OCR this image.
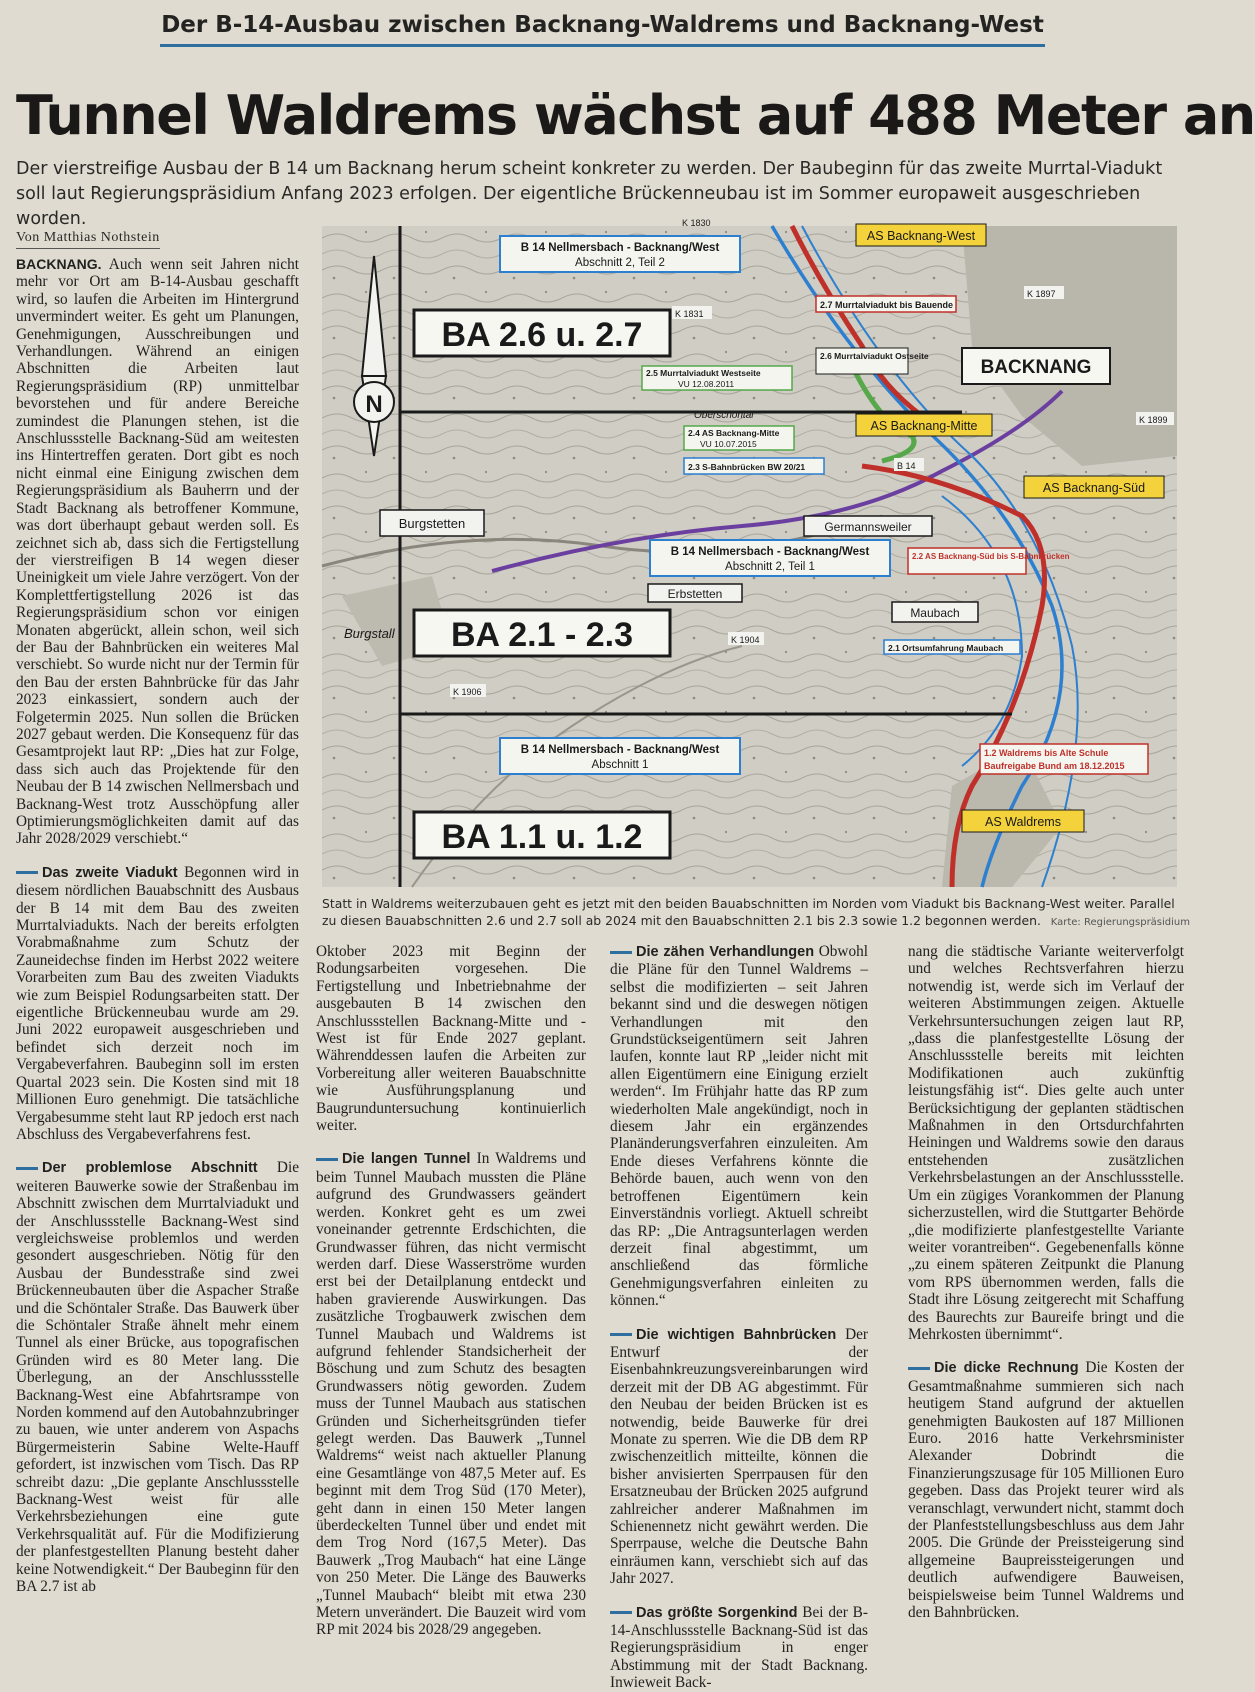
Der B-14-Ausbau zwischen Backnang-Waldrems und Backnang-West
Tunnel Waldrems wächst auf 488 Meter an
Der vierstreifige Ausbau der B 14 um Backnang herum scheint konkreter zu werden. Der Baubeginn für das zweite Murrtal-Viadukt soll laut Regierungspräsidium Anfang 2023 erfolgen. Der eigentliche Brückenneubau ist im Sommer europaweit ausgeschrieben worden.
Von Matthias Nothstein

BACKNANG. Auch wenn seit Jahren nicht mehr vor Ort am B-14-Ausbau geschafft wird, so laufen die Arbeiten im Hintergrund unvermindert weiter. Es geht um Planungen, Genehmigungen, Ausschreibungen und Verhandlungen. Während an einigen Abschnitten die Arbeiten laut Regierungspräsidium (RP) unmittelbar bevorstehen und für andere Bereiche zumindest die Planungen stehen, ist die Anschlussstelle Backnang-Süd am weitesten ins Hintertreffen geraten. Dort gibt es noch nicht einmal eine Einigung zwischen dem Regierungspräsidium als Bauherrn und der Stadt Backnang als betroffener Kommune, was dort überhaupt gebaut werden soll. Es zeichnet sich ab, dass sich die Fertigstellung der vierstreifigen B 14 wegen dieser Uneinigkeit um viele Jahre verzögert. Von der Komplettfertigstellung 2026 ist das Regierungspräsidium schon vor einigen Monaten abgerückt, allein schon, weil sich der Bau der Bahnbrücken ein weiteres Mal verschiebt. So wurde nicht nur der Termin für den Bau der ersten Bahnbrücke für das Jahr 2023 einkassiert, sondern auch der Folgetermin 2025. Nun sollen die Brücken 2027 gebaut werden. Die Konsequenz für das Gesamtprojekt laut RP: „Dies hat zur Folge, dass sich auch das Projektende für den Neubau der B 14 zwischen Nellmersbach und Backnang-West trotz Ausschöpfung aller Optimierungsmöglichkeiten damit auf das Jahr 2028/2029 verschiebt.“

Das zweite Viadukt Begonnen wird in diesem nördlichen Bauabschnitt des Ausbaus der B 14 mit dem Bau des zweiten Murrtalviadukts. Nach der bereits erfolgten Vorabmaßnahme zum Schutz der Zauneidechse finden im Herbst 2022 weitere Vorarbeiten zum Bau des zweiten Viadukts wie zum Beispiel Rodungsarbeiten statt. Der eigentliche Brückenneubau wurde am 29. Juni 2022 europaweit ausgeschrieben und befindet sich derzeit noch im Vergabeverfahren. Baubeginn soll im ersten Quartal 2023 sein. Die Kosten sind mit 18 Millionen Euro genehmigt. Die tatsächliche Vergabesumme steht laut RP jedoch erst nach Abschluss des Vergabeverfahrens fest.

Der problemlose Abschnitt Die weiteren Bauwerke sowie der Straßenbau im Abschnitt zwischen dem Murrtalviadukt und der Anschlussstelle Backnang-West sind vergleichsweise problemlos und werden gesondert ausgeschrieben. Nötig für den Ausbau der Bundesstraße sind zwei Brückenneubauten über die Aspacher Straße und die Schöntaler Straße. Das Bauwerk über die Schöntaler Straße ähnelt mehr einem Tunnel als einer Brücke, aus topografischen Gründen wird es 80 Meter lang. Die Überlegung, an der Anschlussstelle Backnang-West eine Abfahrtsrampe von Norden kommend auf den Autobahnzubringer zu bauen, wie unter anderem von Aspachs Bürgermeisterin Sabine Welte-Hauff gefordert, ist inzwischen vom Tisch. Das RP schreibt dazu: „Die geplante Anschlussstelle Backnang-West weist für alle Verkehrsbeziehungen eine gute Verkehrsqualität auf. Für die Modifizierung der planfestgestellten Planung besteht daher keine Notwendigkeit.“ Der Baubeginn für den BA 2.7 ist ab

N
BA 2.6 u. 2.7
BA 2.1 - 2.3
BA 1.1 u. 1.2
B 14 Nellmersbach - Backnang/West
Abschnitt 2, Teil 2
B 14 Nellmersbach - Backnang/West
Abschnitt 2, Teil 1
B 14 Nellmersbach - Backnang/West
Abschnitt 1
BACKNANG
Burgstetten	Germannsweiler
Erbstetten
Maubach
AS Backnang-West
AS Backnang-Mitte
AS Backnang-Süd
AS Waldrems
2.7 Murrtalviadukt bis Bauende
2.6 Murrtalviadukt Ostseite
2.5 Murrtalviadukt Westseite
VU 12.08.2011
2.4 AS Backnang-Mitte
VU 10.07.2015
2.3 S-Bahnbrücken BW 20/21
2.2 AS Backnang-Süd bis S-Bahnbrücken
2.1 Ortsumfahrung Maubach
1.2 Waldrems bis Alte Schule
Baufreigabe Bund am 18.12.2015
K 1830
K 1831
K 1904
K 1906
B 14
K 1897
K 1899
Oberschöntal
Burgstall
Statt in Waldrems weiterzubauen geht es jetzt mit den beiden Bauabschnitten im Norden vom Viadukt bis Backnang-West weiter. Parallel zu diesen Bauabschnitten 2.6 und 2.7 soll ab 2024 mit den Bauabschnitten 2.1 bis 2.3 sowie 1.2 begonnen werden. Karte: Regierungspräsidium

Oktober 2023 mit Beginn der Rodungsarbeiten vorgesehen. Die Fertigstellung und Inbetriebnahme der ausgebauten B 14 zwischen den Anschlussstellen Backnang-Mitte und -West ist für Ende 2027 geplant. Währenddessen laufen die Arbeiten zur Vorbereitung aller weiteren Bauabschnitte wie Ausführungsplanung und Baugrunduntersuchung kontinuierlich weiter.

Die langen Tunnel In Waldrems und beim Tunnel Maubach mussten die Pläne aufgrund des Grundwassers geändert werden. Konkret geht es um zwei voneinander getrennte Erdschichten, die Grundwasser führen, das nicht vermischt werden darf. Diese Wasserströme wurden erst bei der Detailplanung entdeckt und haben gravierende Auswirkungen. Das zusätzliche Trogbauwerk zwischen dem Tunnel Maubach und Waldrems ist aufgrund fehlender Standsicherheit der Böschung und zum Schutz des besagten Grundwassers nötig geworden. Zudem muss der Tunnel Maubach aus statischen Gründen und Sicherheitsgründen tiefer gelegt werden. Das Bauwerk „Tunnel Waldrems“ weist nach aktueller Planung eine Gesamtlänge von 487,5 Meter auf. Es beginnt mit dem Trog Süd (170 Meter), geht dann in einen 150 Meter langen überdeckelten Tunnel über und endet mit dem Trog Nord (167,5 Meter). Das Bauwerk „Trog Maubach“ hat eine Länge von 250 Meter. Die Länge des Bauwerks „Tunnel Maubach“ bleibt mit etwa 230 Metern unverändert. Die Bauzeit wird vom RP mit 2024 bis 2028/29 angegeben.

Die zähen Verhandlungen Obwohl die Pläne für den Tunnel Waldrems – selbst die modifizierten – seit Jahren bekannt sind und die deswegen nötigen Verhandlungen mit den Grundstückseigentümern seit Jahren laufen, konnte laut RP „leider nicht mit allen Eigentümern eine Einigung erzielt werden“. Im Frühjahr hatte das RP zum wiederholten Male angekündigt, noch in diesem Jahr ein ergänzendes Planänderungsverfahren einzuleiten. Am Ende dieses Verfahrens könnte die Behörde bauen, auch wenn von den betroffenen Eigentümern kein Einverständnis vorliegt. Aktuell schreibt das RP: „Die Antragsunterlagen werden derzeit final abgestimmt, um anschließend das förmliche Genehmigungsverfahren einleiten zu können.“

Die wichtigen Bahnbrücken Der Entwurf der Eisenbahnkreuzungsvereinbarungen wird derzeit mit der DB AG abgestimmt. Für den Neubau der beiden Brücken ist es notwendig, beide Bauwerke für drei Monate zu sperren. Wie die DB dem RP zwischenzeitlich mitteilte, können die bisher anvisierten Sperrpausen für den Ersatzneubau der Brücken 2025 aufgrund zahlreicher anderer Maßnahmen im Schienennetz nicht gewährt werden. Die Sperrpause, welche die Deutsche Bahn einräumen kann, verschiebt sich auf das Jahr 2027.

Das größte Sorgenkind Bei der B-14-Anschlussstelle Backnang-Süd ist das Regierungspräsidium in enger Abstimmung mit der Stadt Backnang. Inwieweit Back-

nang die städtische Variante weiterverfolgt und welches Rechtsverfahren hierzu notwendig ist, werde sich im Verlauf der weiteren Abstimmungen zeigen. Aktuelle Verkehrsuntersuchungen zeigen laut RP, „dass die planfestgestellte Lösung der Anschlussstelle bereits mit leichten Modifikationen auch zukünftig leistungsfähig ist“. Dies gelte auch unter Berücksichtigung der geplanten städtischen Maßnahmen in den Ortsdurchfahrten Heiningen und Waldrems sowie den daraus entstehenden zusätzlichen Verkehrsbelastungen an der Anschlussstelle. Um ein zügiges Vorankommen der Planung sicherzustellen, wird die Stuttgarter Behörde „die modifizierte planfestgestellte Variante weiter vorantreiben“. Gegebenenfalls könne „zu einem späteren Zeitpunkt die Planung vom RPS übernommen werden, falls die Stadt ihre Lösung zeitgerecht mit Schaffung des Baurechts zur Baureife bringt und die Mehrkosten übernimmt“.

Die dicke Rechnung Die Kosten der Gesamtmaßnahme summieren sich nach heutigem Stand aufgrund der aktuellen genehmigten Baukosten auf 187 Millionen Euro. 2016 hatte Verkehrsminister Alexander Dobrindt die Finanzierungszusage für 105 Millionen Euro gegeben. Dass das Projekt teurer wird als veranschlagt, verwundert nicht, stammt doch der Planfeststellungsbeschluss aus dem Jahr 2005. Die Gründe der Preissteigerung sind allgemeine Baupreissteigerungen und deutlich aufwendigere Bauweisen, beispielsweise beim Tunnel Waldrems und den Bahnbrücken.
